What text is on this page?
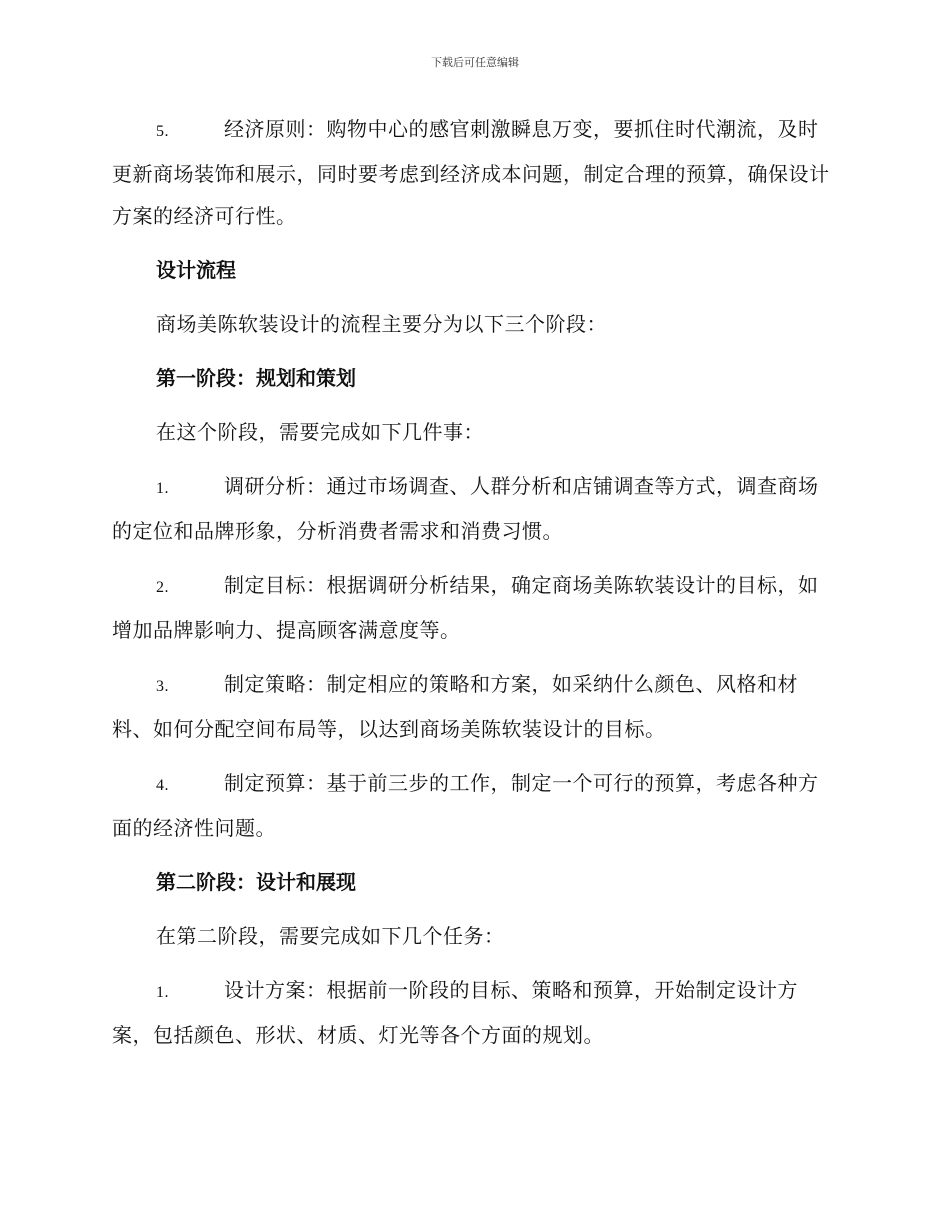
下载后可任意编辑

5.	经济原则：购物中心的感官刺激瞬息万变，要抓住时代潮流，及时更新商场装饰和展示，同时要考虑到经济成本问题，制定合理的预算，确保设计方案的经济可行性。

设计流程

商场美陈软装设计的流程主要分为以下三个阶段：

第一阶段：规划和策划

在这个阶段，需要完成如下几件事：

1.	调研分析：通过市场调查、人群分析和店铺调查等方式，调查商场的定位和品牌形象，分析消费者需求和消费习惯。

2.	制定目标：根据调研分析结果，确定商场美陈软装设计的目标，如增加品牌影响力、提高顾客满意度等。

3.	制定策略：制定相应的策略和方案，如采纳什么颜色、风格和材料、如何分配空间布局等，以达到商场美陈软装设计的目标。

4.	制定预算：基于前三步的工作，制定一个可行的预算，考虑各种方面的经济性问题。

第二阶段：设计和展现

在第二阶段，需要完成如下几个任务：

1.	设计方案：根据前一阶段的目标、策略和预算，开始制定设计方案，包括颜色、形状、材质、灯光等各个方面的规划。
